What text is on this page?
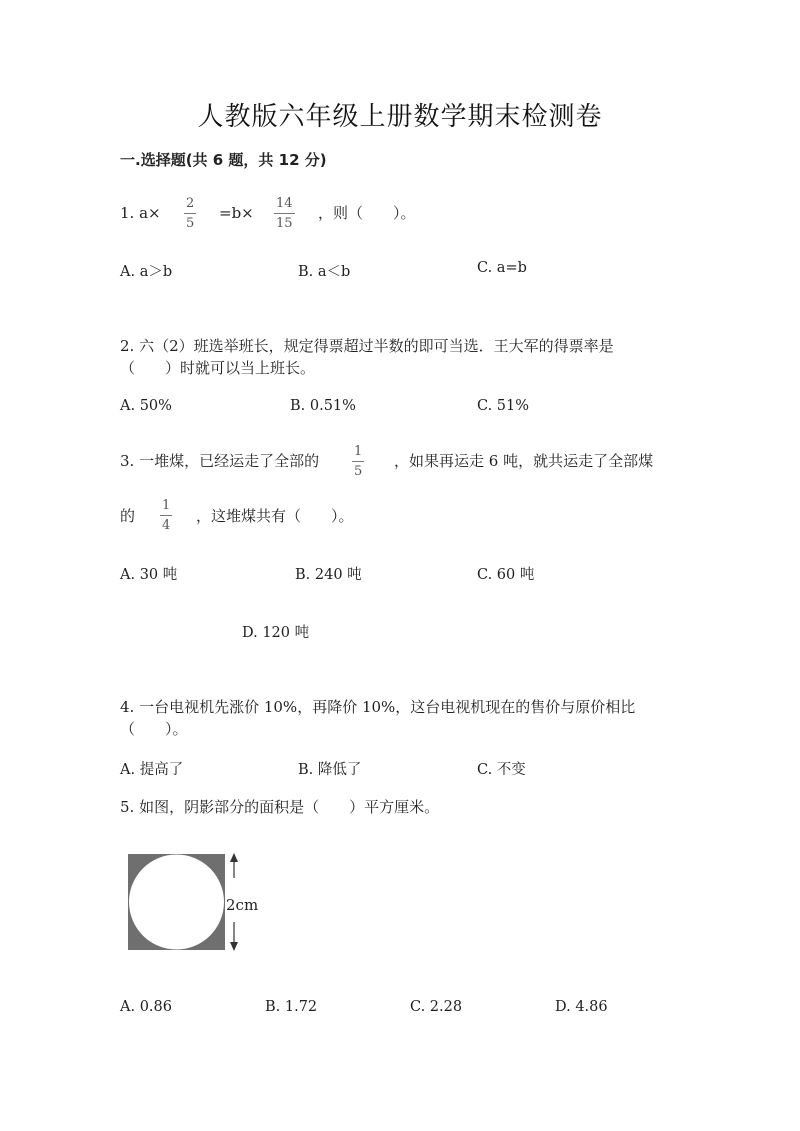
人教版六年级上册数学期末检测卷
一.选择题(共 6 题，共 12 分)
1. a×
2
5
=b×
14
15
，则（　　）。
A. a＞b	B. a＜b	C. a=b
2. 六（2）班选举班长，规定得票超过半数的即可当选．王大军的得票率是
（　　）时就可以当上班长。
A. 50%	B. 0.51%	C. 51%
3. 一堆煤，已经运走了全部的
1
5
，如果再运走 6 吨，就共运走了全部煤
的
1
4
，这堆煤共有（　　）。
A. 30 吨	B. 240 吨	C. 60 吨
D. 120 吨
4. 一台电视机先涨价 10%，再降价 10%，这台电视机现在的售价与原价相比
（　　）。
A. 提高了	B. 降低了	C. 不变
5. 如图，阴影部分的面积是（　　）平方厘米。
2cm
A. 0.86	B. 1.72	C. 2.28	D. 4.86
